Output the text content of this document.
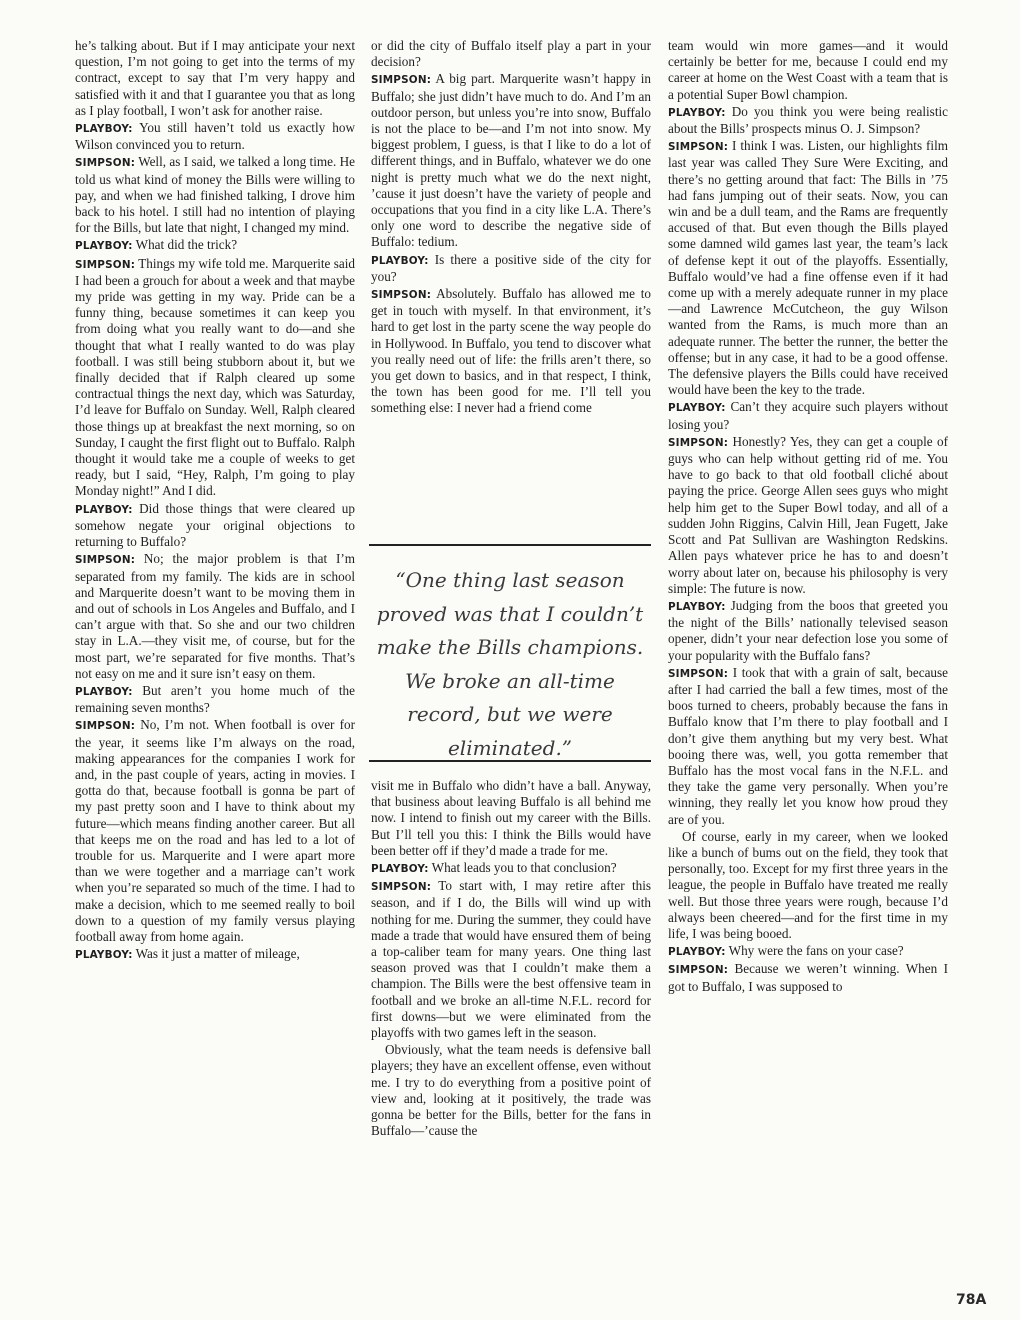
he’s talking about. But if I may anticipate your next question, I’m not going to get into the terms of my contract, except to say that I’m very happy and satisfied with it and that I guarantee you that as long as I play football, I won’t ask for another raise.

PLAYBOY: You still haven’t told us exactly how Wilson convinced you to return.

SIMPSON: Well, as I said, we talked a long time. He told us what kind of money the Bills were willing to pay, and when we had finished talking, I drove him back to his hotel. I still had no intention of playing for the Bills, but late that night, I changed my mind.

PLAYBOY: What did the trick?

SIMPSON: Things my wife told me. Marquerite said I had been a grouch for about a week and that maybe my pride was getting in my way. Pride can be a funny thing, because sometimes it can keep you from doing what you really want to do—and she thought that what I really wanted to do was play football. I was still being stubborn about it, but we finally decided that if Ralph cleared up some contractual things the next day, which was Saturday, I’d leave for Buffalo on Sunday. Well, Ralph cleared those things up at breakfast the next morning, so on Sunday, I caught the first flight out to Buffalo. Ralph thought it would take me a couple of weeks to get ready, but I said, “Hey, Ralph, I’m going to play Monday night!” And I did.

PLAYBOY: Did those things that were cleared up somehow negate your original objections to returning to Buffalo?

SIMPSON: No; the major problem is that I’m separated from my family. The kids are in school and Marquerite doesn’t want to be moving them in and out of schools in Los Angeles and Buffalo, and I can’t argue with that. So she and our two children stay in L.A.—they visit me, of course, but for the most part, we’re separated for five months. That’s not easy on me and it sure isn’t easy on them.

PLAYBOY: But aren’t you home much of the remaining seven months?

SIMPSON: No, I’m not. When football is over for the year, it seems like I’m always on the road, making appearances for the companies I work for and, in the past couple of years, acting in movies. I gotta do that, because football is gonna be part of my past pretty soon and I have to think about my future—which means finding another career. But all that keeps me on the road and has led to a lot of trouble for us. Marquerite and I were apart more than we were together and a marriage can’t work when you’re separated so much of the time. I had to make a decision, which to me seemed really to boil down to a question of my family versus playing football away from home again.

PLAYBOY: Was it just a matter of mileage,

or did the city of Buffalo itself play a part in your decision?

SIMPSON: A big part. Marquerite wasn’t happy in Buffalo; she just didn’t have much to do. And I’m an outdoor person, but unless you’re into snow, Buffalo is not the place to be—and I’m not into snow. My biggest problem, I guess, is that I like to do a lot of different things, and in Buffalo, whatever we do one night is pretty much what we do the next night, ’cause it just doesn’t have the variety of people and occupations that you find in a city like L.A. There’s only one word to describe the negative side of Buffalo: tedium.

PLAYBOY: Is there a positive side of the city for you?

SIMPSON: Absolutely. Buffalo has allowed me to get in touch with myself. In that environment, it’s hard to get lost in the party scene the way people do in Hollywood. In Buffalo, you tend to discover what you really need out of life: the frills aren’t there, so you get down to basics, and in that respect, I think, the town has been good for me. I’ll tell you something else: I never had a friend come

“One thing last season
proved was that I couldn’t
make the Bills champions.
We broke an all-time
record, but we were
eliminated.”

visit me in Buffalo who didn’t have a ball. Anyway, that business about leaving Buffalo is all behind me now. I intend to finish out my career with the Bills. But I’ll tell you this: I think the Bills would have been better off if they’d made a trade for me.

PLAYBOY: What leads you to that conclusion?

SIMPSON: To start with, I may retire after this season, and if I do, the Bills will wind up with nothing for me. During the summer, they could have made a trade that would have ensured them of being a top-caliber team for many years. One thing last season proved was that I couldn’t make them a champion. The Bills were the best offensive team in football and we broke an all-time N.F.L. record for first downs—but we were eliminated from the playoffs with two games left in the season.

Obviously, what the team needs is defensive ball players; they have an excellent offense, even without me. I try to do everything from a positive point of view and, looking at it positively, the trade was gonna be better for the Bills, better for the fans in Buffalo—’cause the

team would win more games—and it would certainly be better for me, because I could end my career at home on the West Coast with a team that is a potential Super Bowl champion.

PLAYBOY: Do you think you were being realistic about the Bills’ prospects minus O. J. Simpson?

SIMPSON: I think I was. Listen, our highlights film last year was called They Sure Were Exciting, and there’s no getting around that fact: The Bills in ’75 had fans jumping out of their seats. Now, you can win and be a dull team, and the Rams are frequently accused of that. But even though the Bills played some damned wild games last year, the team’s lack of defense kept it out of the playoffs. Essentially, Buffalo would’ve had a fine offense even if it had come up with a merely adequate runner in my place—and Lawrence McCutcheon, the guy Wilson wanted from the Rams, is much more than an adequate runner. The better the runner, the better the offense; but in any case, it had to be a good offense. The defensive players the Bills could have received would have been the key to the trade.

PLAYBOY: Can’t they acquire such players without losing you?

SIMPSON: Honestly? Yes, they can get a couple of guys who can help without getting rid of me. You have to go back to that old football cliché about paying the price. George Allen sees guys who might help him get to the Super Bowl today, and all of a sudden John Riggins, Calvin Hill, Jean Fugett, Jake Scott and Pat Sullivan are Washington Redskins. Allen pays whatever price he has to and doesn’t worry about later on, because his philosophy is very simple: The future is now.

PLAYBOY: Judging from the boos that greeted you the night of the Bills’ nationally televised season opener, didn’t your near defection lose you some of your popularity with the Buffalo fans?

SIMPSON: I took that with a grain of salt, because after I had carried the ball a few times, most of the boos turned to cheers, probably because the fans in Buffalo know that I’m there to play football and I don’t give them anything but my very best. What booing there was, well, you gotta remember that Buffalo has the most vocal fans in the N.F.L. and they take the game very personally. When you’re winning, they really let you know how proud they are of you.

Of course, early in my career, when we looked like a bunch of bums out on the field, they took that personally, too. Except for my first three years in the league, the people in Buffalo have treated me really well. But those three years were rough, because I’d always been cheered—and for the first time in my life, I was being booed.

PLAYBOY: Why were the fans on your case?

SIMPSON: Because we weren’t winning. When I got to Buffalo, I was supposed to

78A
